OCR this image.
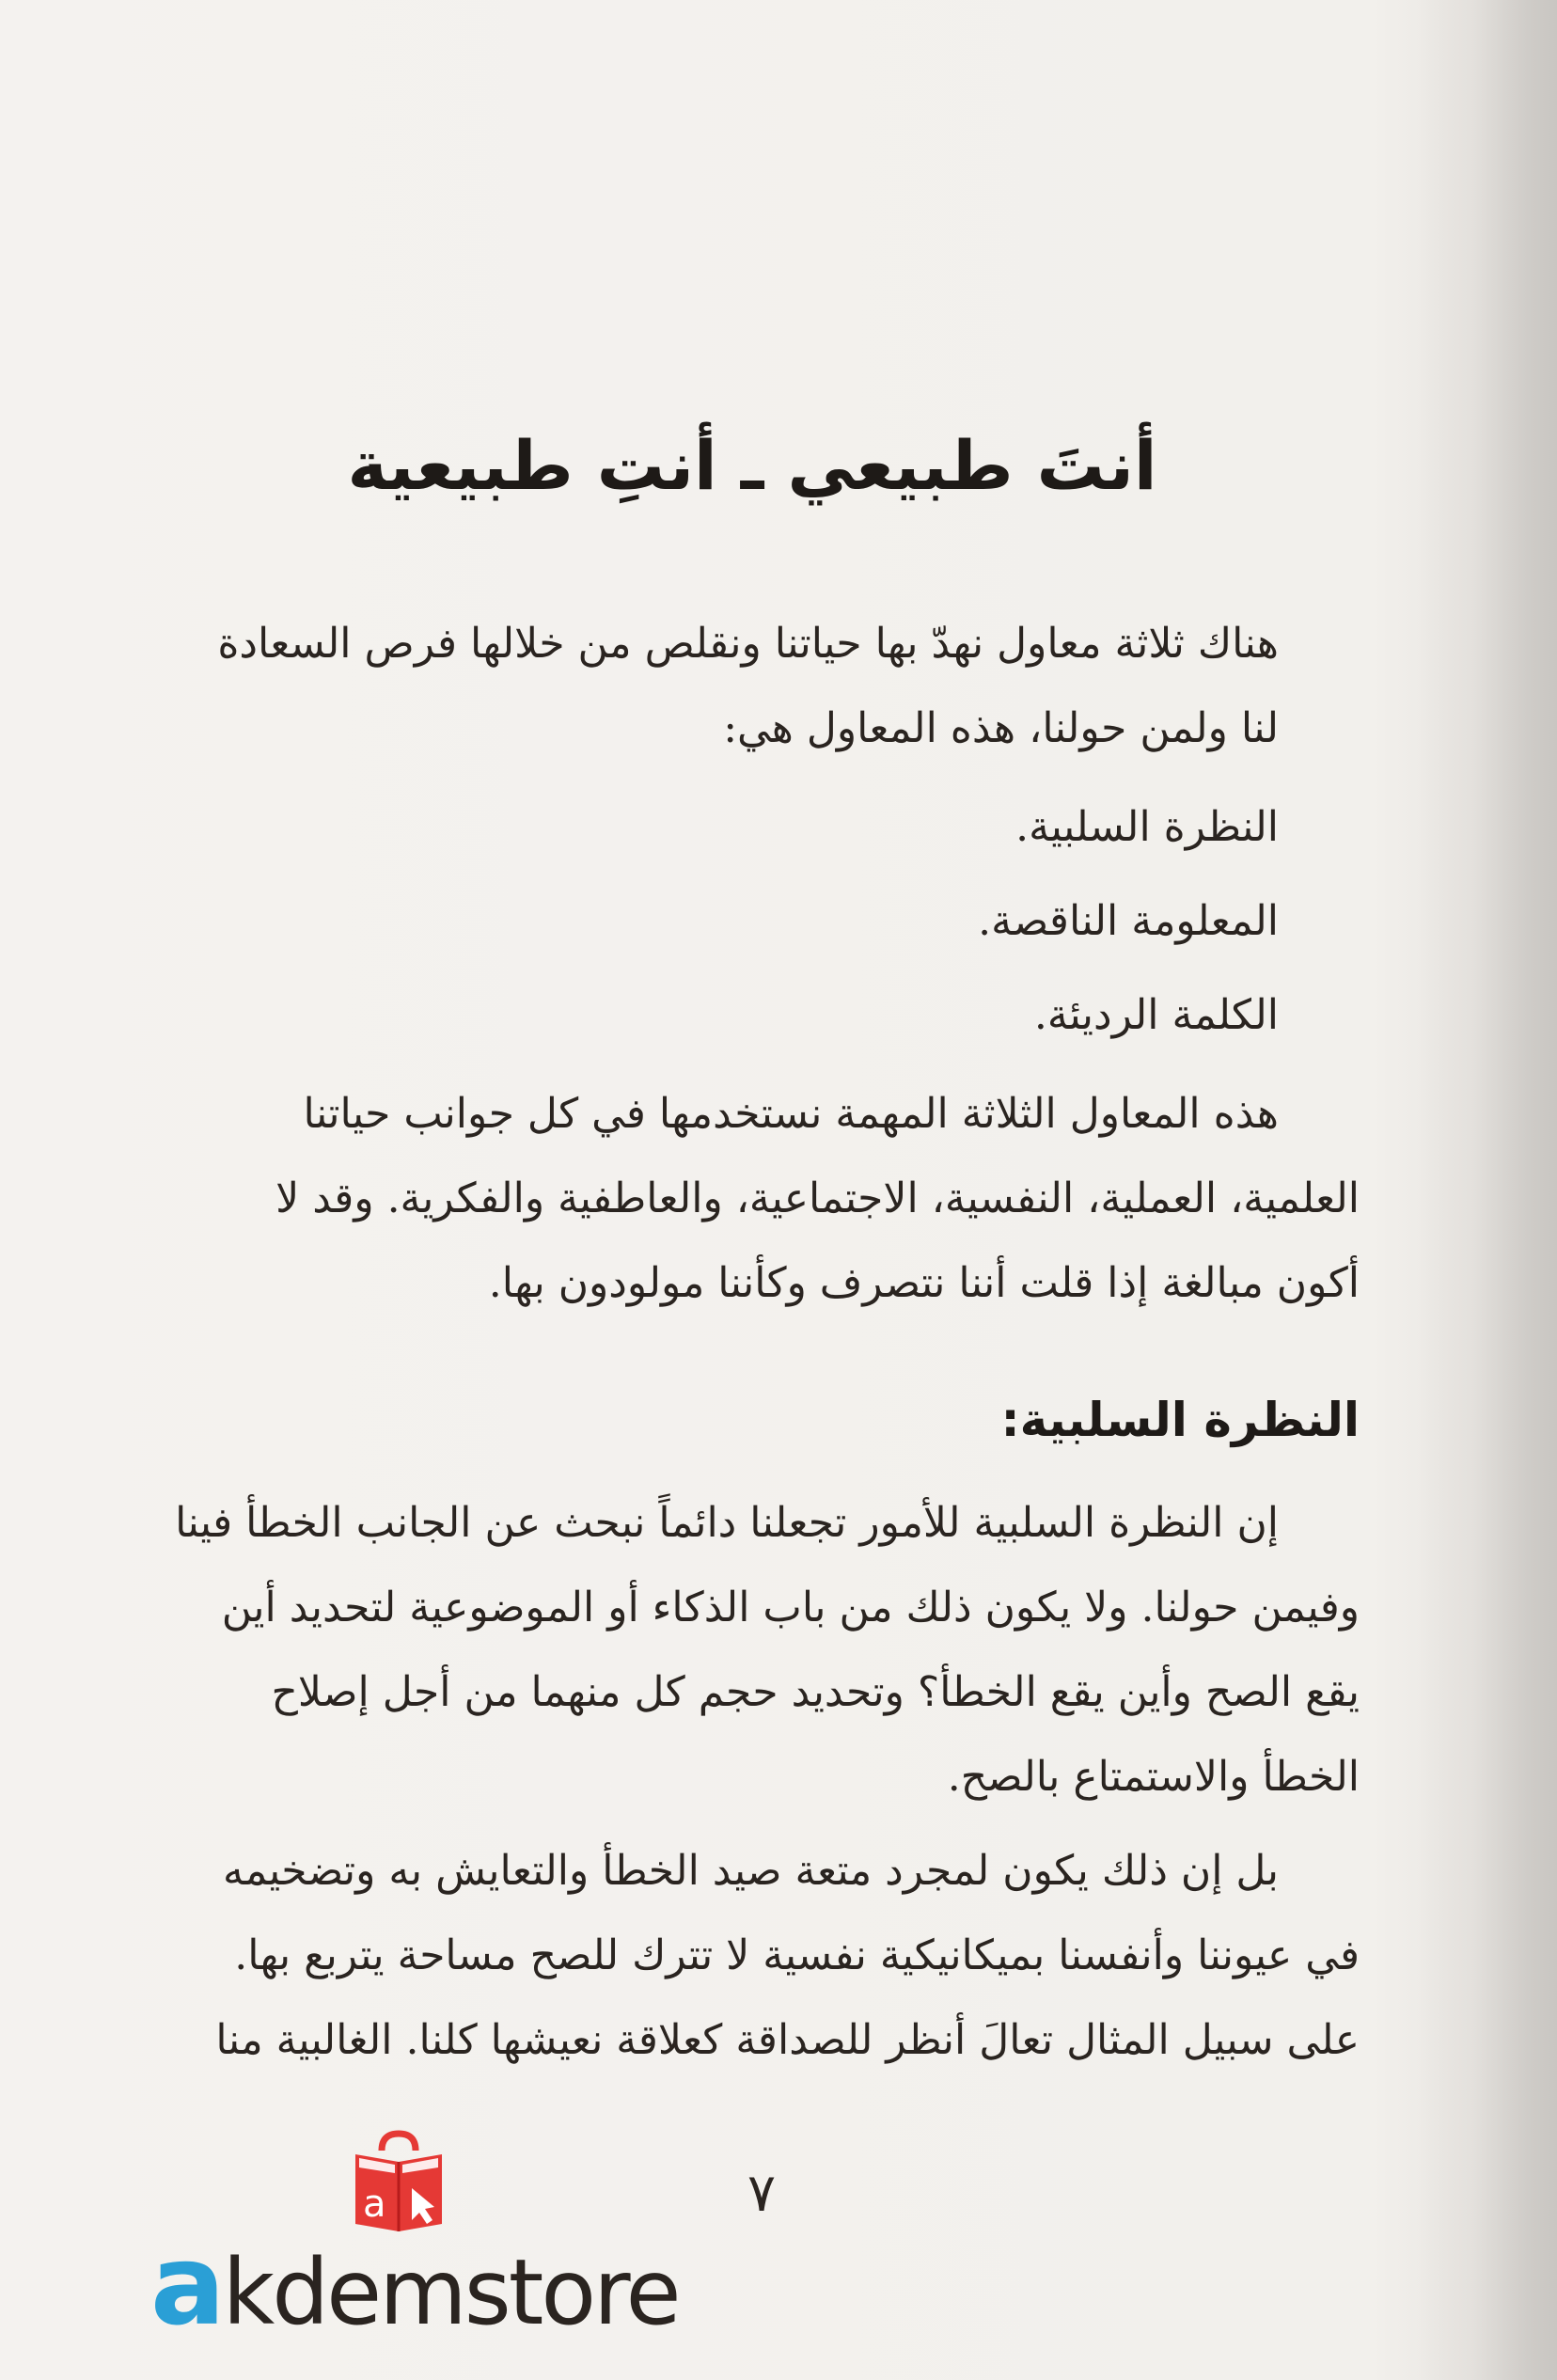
أنتَ طبيعي ـ أنتِ طبيعية

هناك ثلاثة معاول نهدّ بها حياتنا ونقلص من خلالها فرص السعادة

لنا ولمن حولنا، هذه المعاول هي:

النظرة السلبية.
المعلومة الناقصة.
الكلمة الرديئة.

هذه المعاول الثلاثة المهمة نستخدمها في كل جوانب حياتنا

العلمية، العملية، النفسية، الاجتماعية، والعاطفية والفكرية. وقد لا

أكون مبالغة إذا قلت أننا نتصرف وكأننا مولودون بها.

النظرة السلبية:

إن النظرة السلبية للأمور تجعلنا دائماً نبحث عن الجانب الخطأ فينا

وفيمن حولنا. ولا يكون ذلك من باب الذكاء أو الموضوعية لتحديد أين

يقع الصح وأين يقع الخطأ؟ وتحديد حجم كل منهما من أجل إصلاح

الخطأ والاستمتاع بالصح.

بل إن ذلك يكون لمجرد متعة صيد الخطأ والتعايش به وتضخيمه

في عيوننا وأنفسنا بميكانيكية نفسية لا تترك للصح مساحة يتربع بها.

على سبيل المثال تعالَ أنظر للصداقة كعلاقة نعيشها كلنا. الغالبية منا

٧
a
akdemstore
